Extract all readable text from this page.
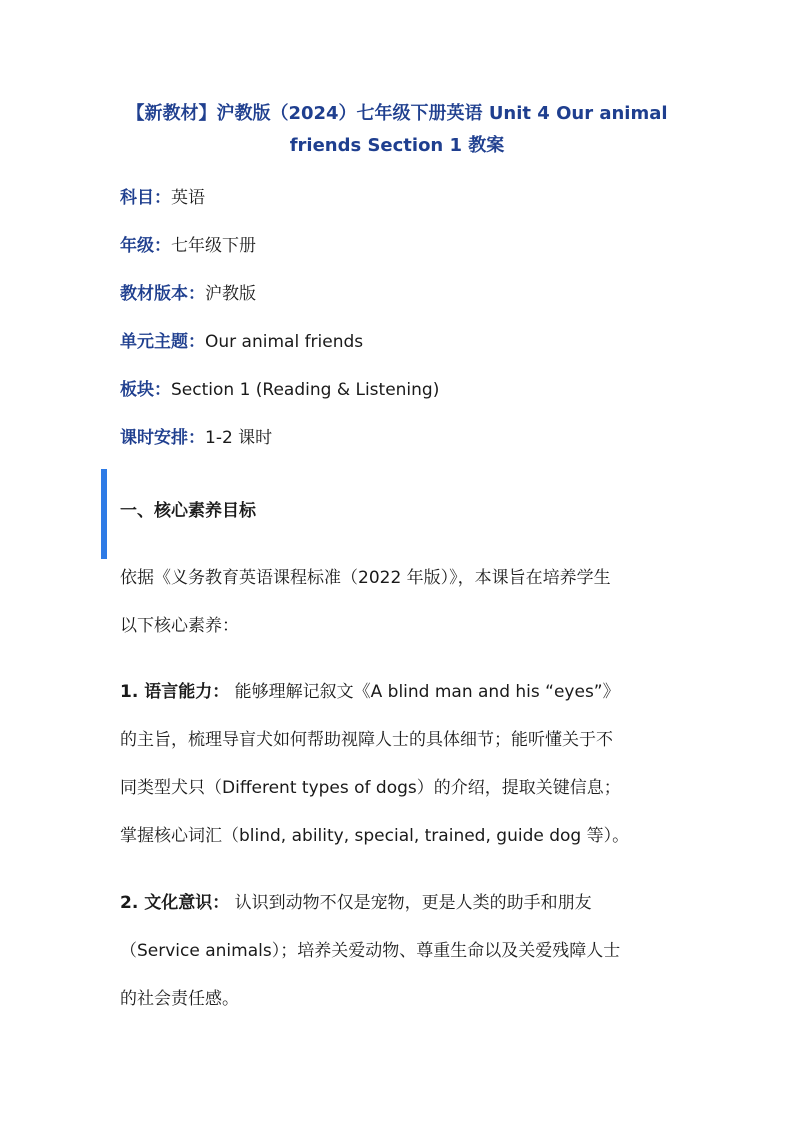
【新教材】沪教版（2024）七年级下册英语 Unit 4 Our animal
friends Section 1 教案
科目：英语
年级：七年级下册
教材版本：沪教版
单元主题：Our animal friends
板块：Section 1 (Reading & Listening)
课时安排：1-2 课时
一、核心素养目标
依据《义务教育英语课程标准（2022 年版）》，本课旨在培养学生
以下核心素养：
1. 语言能力： 能够理解记叙文《A blind man and his “eyes”》
的主旨，梳理导盲犬如何帮助视障人士的具体细节；能听懂关于不
同类型犬只（Different types of dogs）的介绍，提取关键信息；
掌握核心词汇（blind, ability, special, trained, guide dog 等）。
2. 文化意识： 认识到动物不仅是宠物，更是人类的助手和朋友
（Service animals）；培养关爱动物、尊重生命以及关爱残障人士
的社会责任感。
